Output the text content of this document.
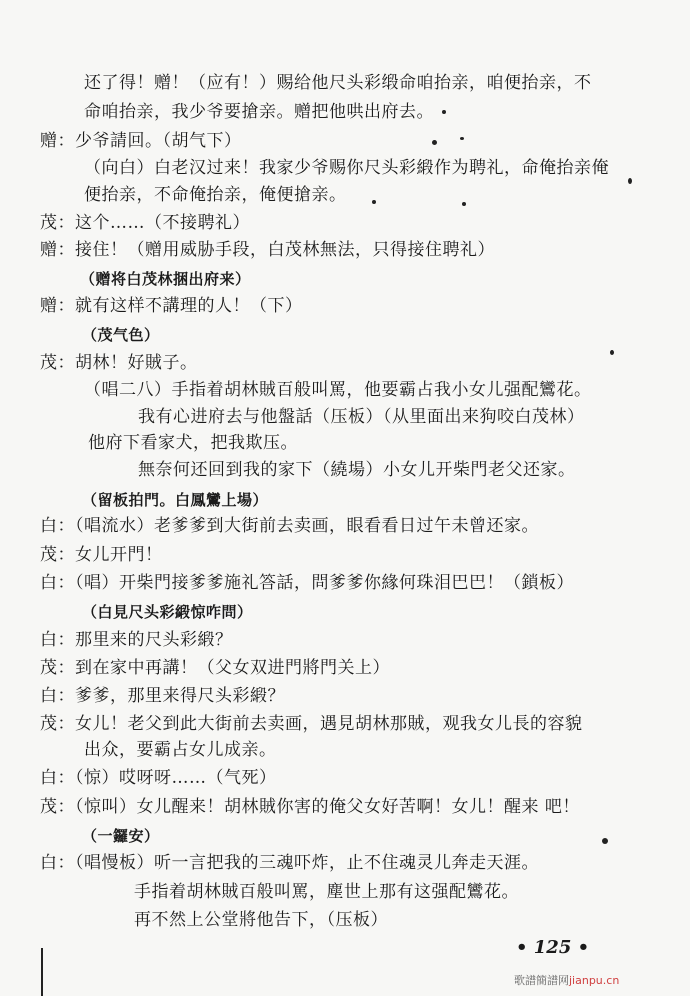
还了得！赠！（应有！）赐给他尺头彩缎命咱抬亲，咱便抬亲，不
命咱抬亲，我少爷要搶亲。赠把他哄出府去。
赠：少爷請回。（胡气下）
（向白）白老汉过来！我家少爷赐你尺头彩緞作为聘礼，命俺抬亲俺
便抬亲，不命俺抬亲，俺便搶亲。
茂：这个……（不接聘礼）
赠：接住！（赠用威胁手段，白茂林無法，只得接住聘礼）
（赠将白茂林捆出府来）
赠：就有这样不講理的人！（下）
（茂气色）
茂：胡林！好賊子。
（唱二八）手指着胡林賊百般叫罵，他要霸占我小女儿强配鸞花。
我有心进府去与他盤話（压板）（从里面出来狗咬白茂林）
他府下看家犬，把我欺压。
無奈何还回到我的家下（繞場）小女儿开柴門老父还家。
（留板拍門。白鳳鸞上場）
白：（唱流水）老爹爹到大街前去卖画，眼看看日过午未曾还家。
茂：女儿开門！
白：（唱）开柴門接爹爹施礼答話，問爹爹你緣何珠泪巴巴！（鎖板）
（白見尺头彩緞惊咋問）
白：那里来的尺头彩緞？
茂：到在家中再講！（父女双进門將門关上）
白：爹爹，那里来得尺头彩緞？
茂：女儿！老父到此大街前去卖画，遇見胡林那賊，观我女儿長的容貌
出众，要霸占女儿成亲。
白：（惊）哎呀呀……（气死）
茂：（惊叫）女儿醒来！胡林賊你害的俺父女好苦啊！女儿！醒来 吧！
（一鑼安）
白：（唱慢板）听一言把我的三魂吓炸，止不住魂灵儿奔走天涯。
手指着胡林賊百般叫罵，塵世上那有这强配鸞花。
再不然上公堂將他告下，（压板）
• 125 •
歌譜簡譜网jianpu.cn
